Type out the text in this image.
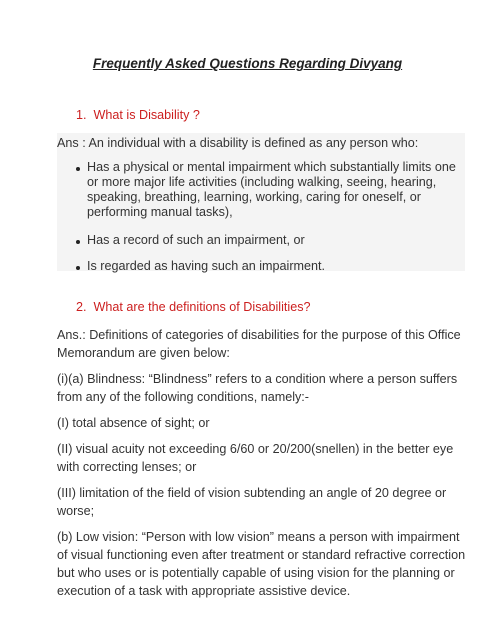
Frequently Asked Questions Regarding Divyang
1. What is Disability ?
Ans : An individual with a disability is defined as any person who:
Has a physical or mental impairment which substantially limits one or more major life activities (including walking, seeing, hearing, speaking, breathing, learning, working, caring for oneself, or performing manual tasks),
Has a record of such an impairment, or
Is regarded as having such an impairment.
2. What are the definitions of Disabilities?
Ans.: Definitions of categories of disabilities for the purpose of this Office Memorandum are given below:
(i)(a) Blindness: “Blindness” refers to a condition where a person suffers from any of the following conditions, namely:-
(I) total absence of sight; or
(II) visual acuity not exceeding 6/60 or 20/200(snellen) in the better eye with correcting lenses; or
(III) limitation of the field of vision subtending an angle of 20 degree or worse;
(b) Low vision: “Person with low vision” means a person with impairment of visual functioning even after treatment or standard refractive correction but who uses or is potentially capable of using vision for the planning or execution of a task with appropriate assistive device.
